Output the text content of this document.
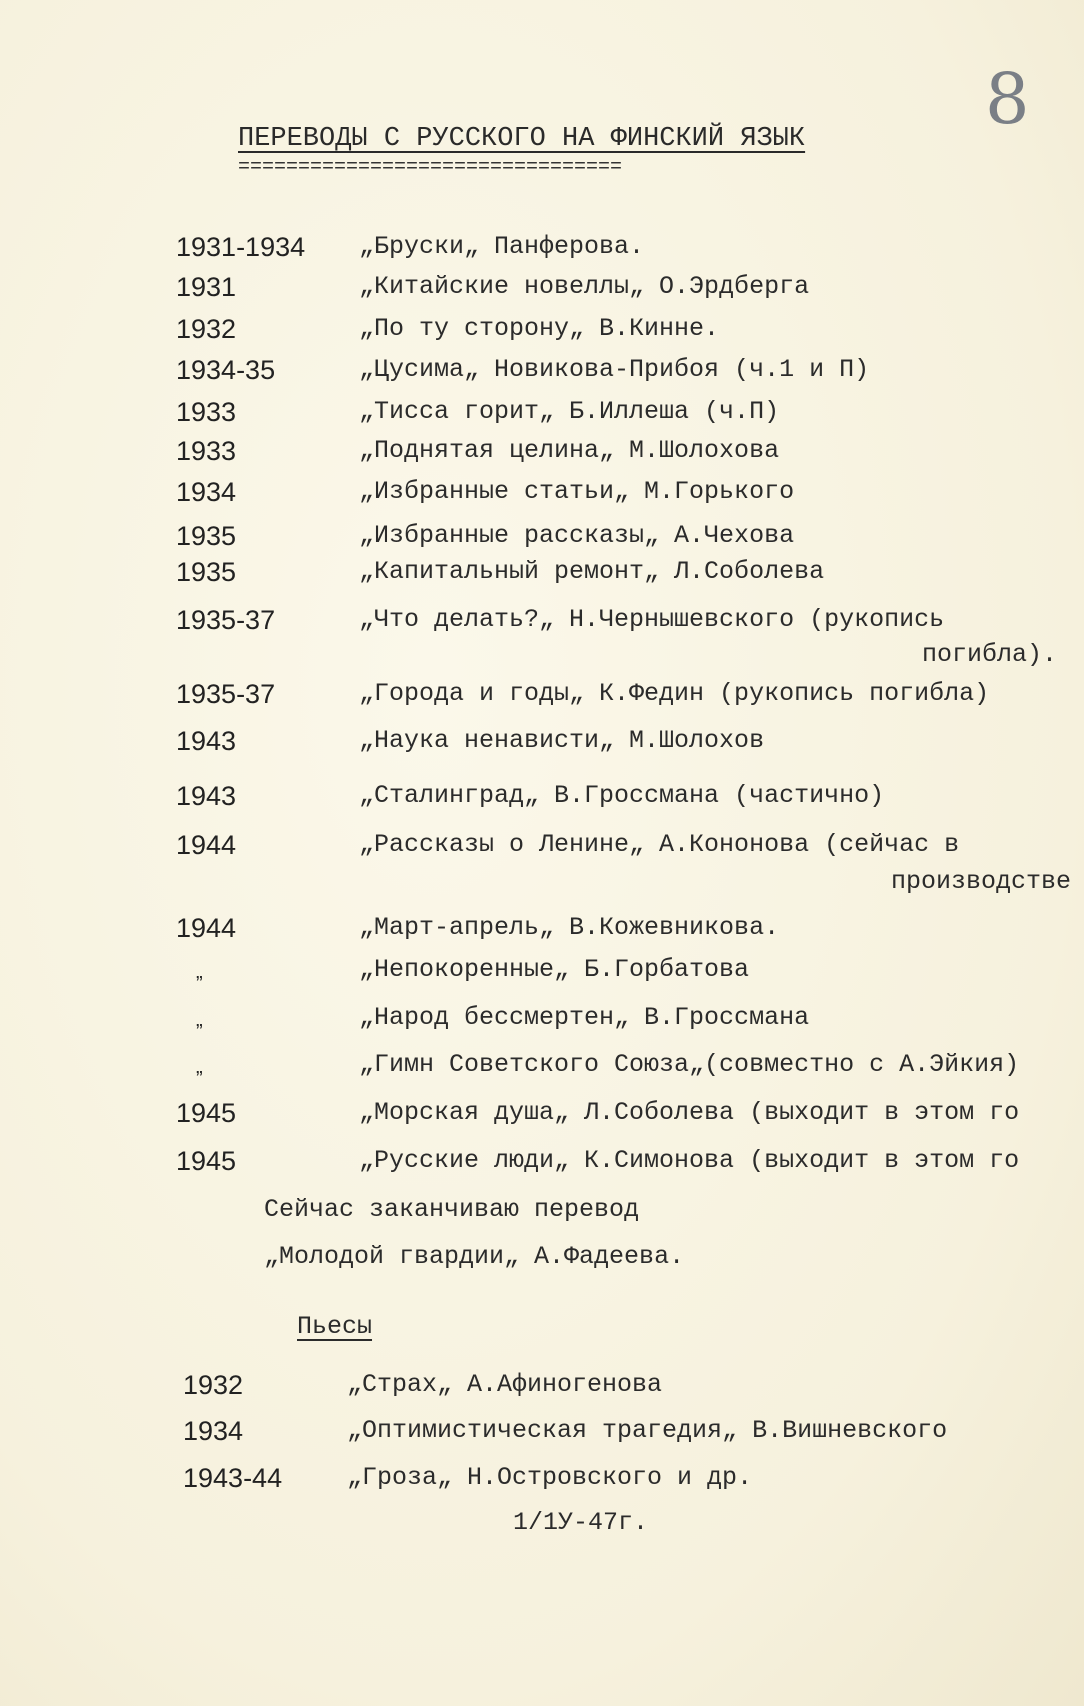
8
ПЕРЕВОДЫ С РУССКОГО НА ФИНСКИЙ ЯЗЫК
================================
1931-1934 „Бруски„ Панферова.
1931	„Китайские новеллы„ О.Эрдберга
1932	„По ту сторону„ В.Кинне.
1934-35	„Цусима„ Новикова-Прибоя (ч.1 и П)
1933	„Тисса горит„ Б.Иллеша (ч.П)
1933	„Поднятая целина„ М.Шолохова
1934	„Избранные статьи„ М.Горького
1935	„Избранные рассказы„ А.Чехова
1935	„Капитальный ремонт„ Л.Соболева
1935-37	„Что делать?„ Н.Чернышевского (рукопись
погибла).
1935-37	„Города и годы„ К.Федин (рукопись погибла)
1943	„Наука ненависти„ М.Шолохов
1943	„Сталинград„ В.Гроссмана (частично)
1944	„Рассказы о Ленине„ А.Кононова (сейчас в
производстве
1944	„Март-апрель„ В.Кожевникова.
„	„Непокоренные„ Б.Горбатова
„	„Народ бессмертен„ В.Гроссмана
„	„Гимн Советского Союза„(совместно с А.Эйкия)
1945	„Морская душа„ Л.Соболева (выходит в этом го
1945	„Русские люди„ К.Симонова (выходит в этом го
Сейчас заканчиваю перевод
„Молодой гвардии„ А.Фадеева.
Пьесы
1932	„Страх„ А.Афиногенова
1934	„Оптимистическая трагедия„ В.Вишневского
1943-44	„Гроза„ Н.Островского и др.
1/1У-47г.
